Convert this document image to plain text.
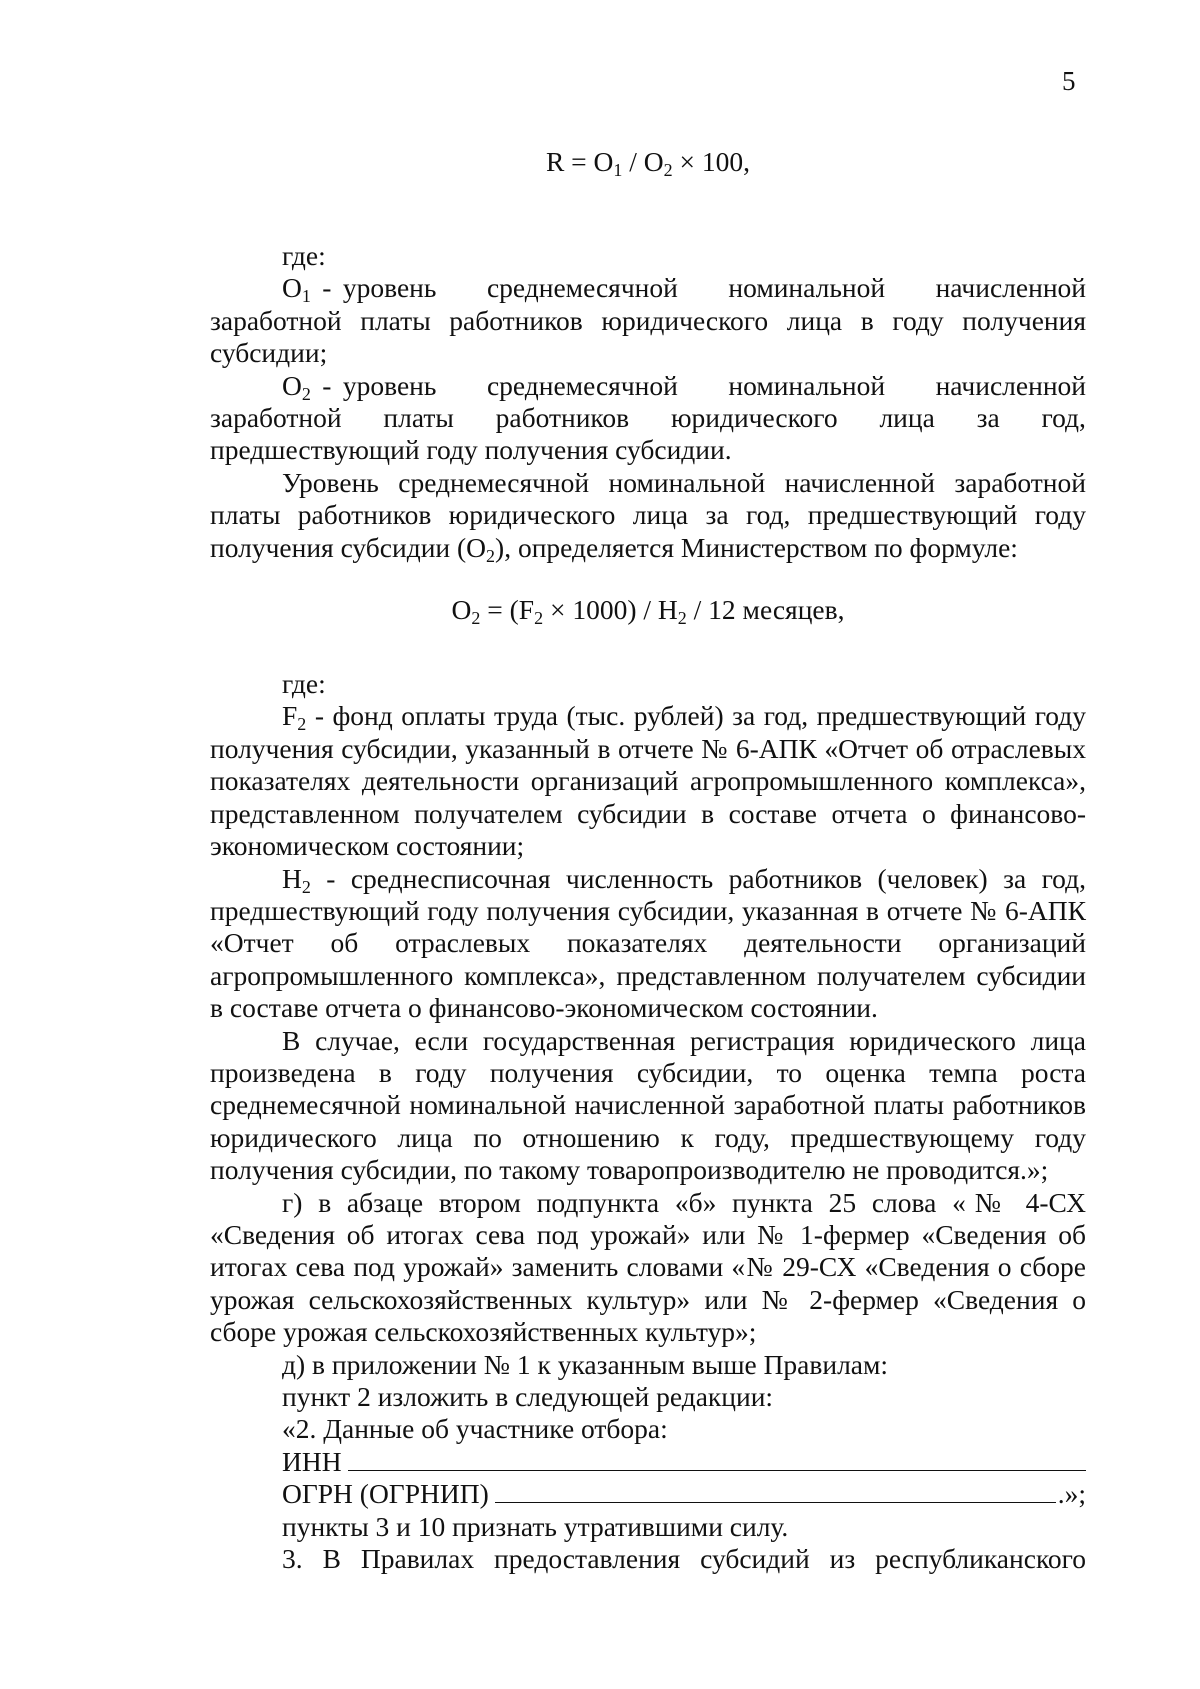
5
$R = O_1 / O_2 \times 100$,
где:
$О_1$ - уровень среднемесячной номинальной начисленной
заработной платы работников юридического лица в году получения
субсидии;
$О_2$ - уровень среднемесячной номинальной начисленной
заработной платы работников юридического лица за год,
предшествующий году получения субсидии.
Уровень среднемесячной номинальной начисленной заработной
платы работников юридического лица за год, предшествующий году
получения субсидии $(О_2)$, определяется Министерством по формуле:
$О_2 = (F_2 \times 1000) / Н_2 / 12$ месяцев,
где:

$F_2$ - фонд оплаты труда (тыс. рублей) за год, предшествующий году получения субсидии, указанный в отчете № 6-АПК «Отчет об отраслевых показателях деятельности организаций агропромышленного комплекса», представленном получателем субсидии в составе отчета о финансово-экономическом состоянии;

$Н_2$ - среднесписочная численность работников (человек) за год, предшествующий году получения субсидии, указанная в отчете № 6-АПК «Отчет об отраслевых показателях деятельности организаций агропромышленного комплекса», представленном получателем субсидии в составе отчета о финансово-экономическом состоянии.

В случае, если государственная регистрация юридического лица произведена в году получения субсидии, то оценка темпа роста среднемесячной номинальной начисленной заработной платы работников юридического лица по отношению к году, предшествующему году получения субсидии, по такому товаропроизводителю не проводится.»;

г) в абзаце втором подпункта «б» пункта 25 слова «№ 4-СХ «Сведения об итогах сева под урожай» или № 1-фермер «Сведения об итогах сева под урожай» заменить словами «№ 29-СХ «Сведения о сборе урожая сельскохозяйственных культур» или № 2-фермер «Сведения о сборе урожая сельскохозяйственных культур»;

д) в приложении № 1 к указанным выше Правилам:
пункт 2 изложить в следующей редакции:
«2. Данные об участнике отбора:
ИНН
ОГРН (ОГРНИП)	.»;
пункты 3 и 10 признать утратившими силу.
3. В Правилах предоставления субсидий из республиканского
